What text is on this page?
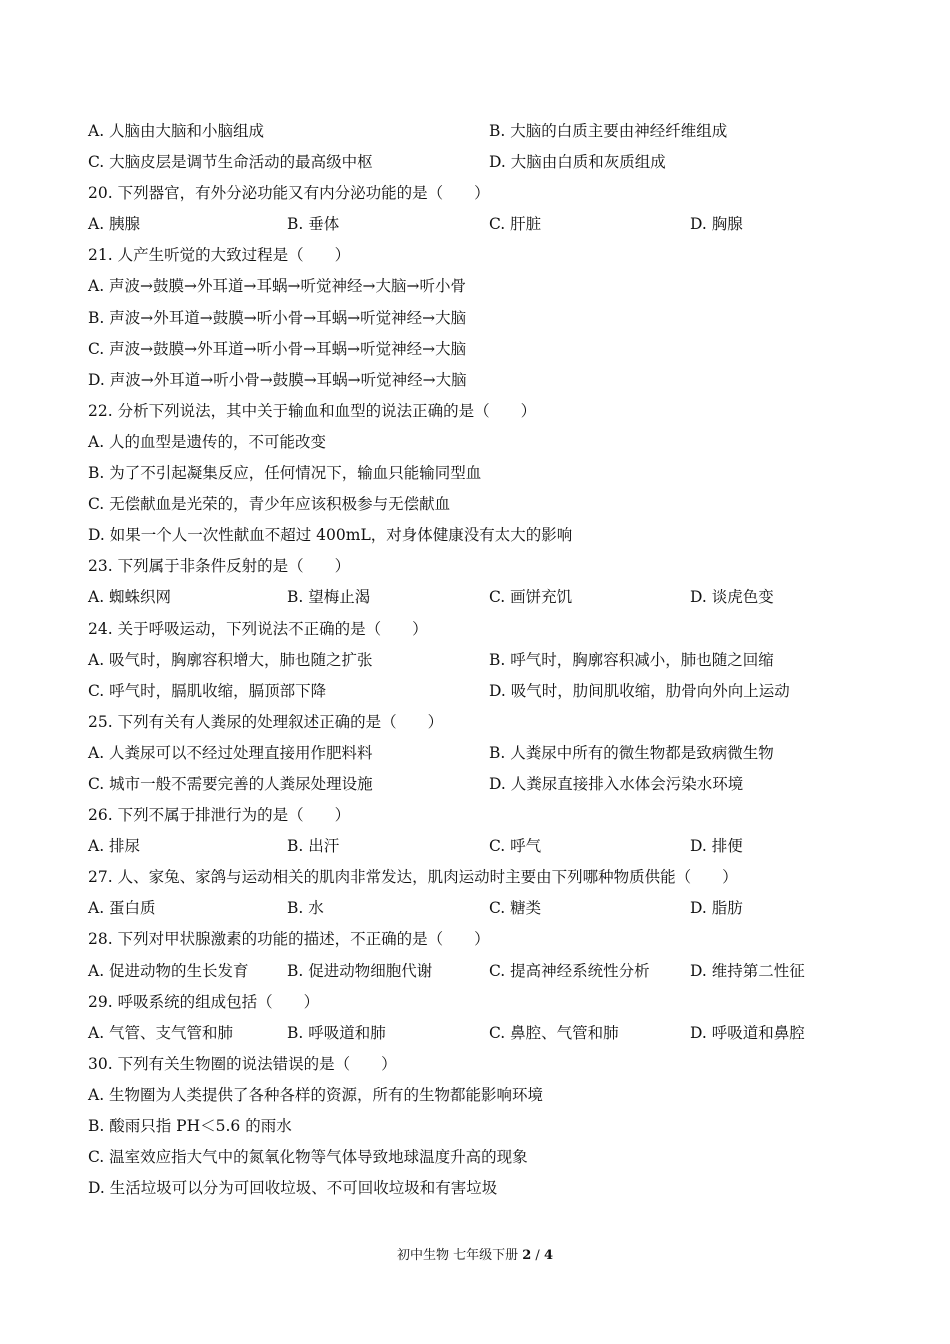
A. 人脑由大脑和小脑组成	B. 大脑的白质主要由神经纤维组成
C. 大脑皮层是调节生命活动的最高级中枢	D. 大脑由白质和灰质组成
20. 下列器官，有外分泌功能又有内分泌功能的是（　　）
A. 胰腺	B. 垂体	C. 肝脏	D. 胸腺
21. 人产生听觉的大致过程是（　　）
A. 声波→鼓膜→外耳道→耳蜗→听觉神经→大脑→听小骨
B. 声波→外耳道→鼓膜→听小骨→耳蜗→听觉神经→大脑
C. 声波→鼓膜→外耳道→听小骨→耳蜗→听觉神经→大脑
D. 声波→外耳道→听小骨→鼓膜→耳蜗→听觉神经→大脑
22. 分析下列说法，其中关于输血和血型的说法正确的是（　　）
A. 人的血型是遗传的，不可能改变
B. 为了不引起凝集反应，任何情况下，输血只能输同型血
C. 无偿献血是光荣的，青少年应该积极参与无偿献血
D. 如果一个人一次性献血不超过 400mL，对身体健康没有太大的影响
23. 下列属于非条件反射的是（　　）
A. 蜘蛛织网	B. 望梅止渴	C. 画饼充饥	D. 谈虎色变
24. 关于呼吸运动，下列说法不正确的是（　　）
A. 吸气时，胸廓容积增大，肺也随之扩张	B. 呼气时，胸廓容积减小，肺也随之回缩
C. 呼气时，膈肌收缩，膈顶部下降	D. 吸气时，肋间肌收缩，肋骨向外向上运动
25. 下列有关有人粪尿的处理叙述正确的是（　　）
A. 人粪尿可以不经过处理直接用作肥料料	B. 人粪尿中所有的微生物都是致病微生物
C. 城市一般不需要完善的人粪尿处理设施	D. 人粪尿直接排入水体会污染水环境
26. 下列不属于排泄行为的是（　　）
A. 排尿	B. 出汗	C. 呼气	D. 排便
27. 人、家兔、家鸽与运动相关的肌肉非常发达，肌肉运动时主要由下列哪种物质供能（　　）
A. 蛋白质	B. 水	C. 糖类	D. 脂肪
28. 下列对甲状腺激素的功能的描述，不正确的是（　　）
A. 促进动物的生长发育 B. 促进动物细胞代谢	C. 提高神经系统性分析	D. 维持第二性征
29. 呼吸系统的组成包括（　　）
A. 气管、支气管和肺	B. 呼吸道和肺	C. 鼻腔、气管和肺	D. 呼吸道和鼻腔
30. 下列有关生物圈的说法错误的是（　　）
A. 生物圈为人类提供了各种各样的资源，所有的生物都能影响环境
B. 酸雨只指 PH＜5.6 的雨水
C. 温室效应指大气中的氮氧化物等气体导致地球温度升高的现象
D. 生活垃圾可以分为可回收垃圾、不可回收垃圾和有害垃圾
初中生物 七年级下册 2 / 4
